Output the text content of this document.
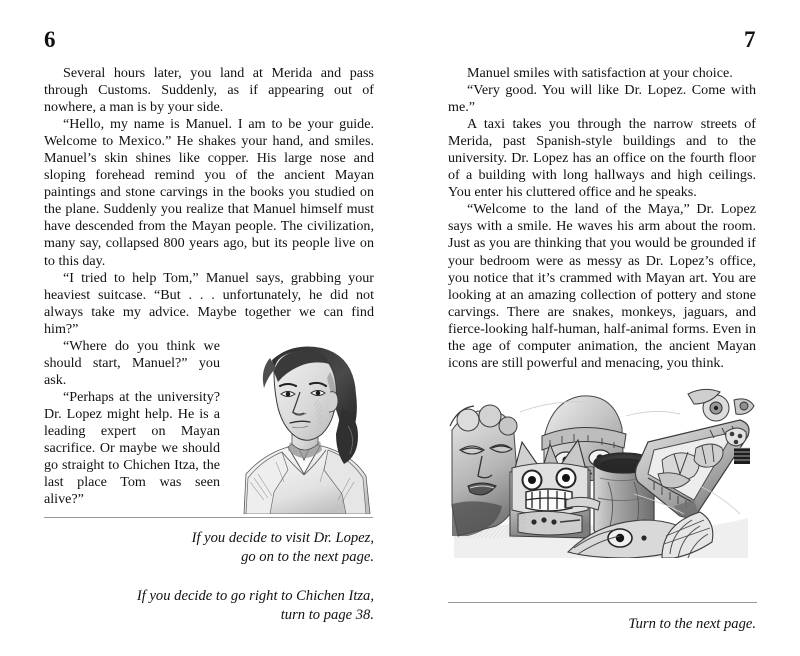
6

Several hours later, you land at Merida and pass through Customs. Suddenly, as if appearing out of nowhere, a man is by your side.

“Hello, my name is Manuel. I am to be your guide. Welcome to Mexico.” He shakes your hand, and smiles. Manuel’s skin shines like copper. His large nose and sloping forehead remind you of the ancient Mayan paintings and stone carvings in the books you studied on the plane. Suddenly you realize that Manuel himself must have descended from the Mayan people. The civilization, many say, collapsed 800 years ago, but its people live on to this day.

“I tried to help Tom,” Manuel says, grabbing your heaviest suitcase. “But . . . unfortunately, he did not always take my advice. Maybe together we can find him?”

“Where do you think we should start, Manuel?” you ask.

“Perhaps at the university? Dr. Lopez might help. He is a leading expert on Mayan sacrifice. Or maybe we should go straight to Chichen Itza, the last place Tom was seen alive?”

If you decide to visit Dr. Lopez,
go on to the next page.
If you decide to go right to Chichen Itza,
turn to page 38.
7

Manuel smiles with satisfaction at your choice.

“Very good. You will like Dr. Lopez. Come with me.”

A taxi takes you through the narrow streets of Merida, past Spanish-style buildings and to the university. Dr. Lopez has an office on the fourth floor of a building with long hallways and high ceilings. You enter his cluttered office and he speaks.

“Welcome to the land of the Maya,” Dr. Lopez says with a smile. He waves his arm about the room. Just as you are thinking that you would be grounded if your bedroom were as messy as Dr. Lopez’s office, you notice that it’s crammed with Mayan art. You are looking at an amazing collection of pottery and stone carvings. There are snakes, monkeys, jaguars, and fierce-looking half-human, half-animal forms. Even in the age of computer animation, the ancient Mayan icons are still powerful and menacing, you think.

Turn to the next page.
